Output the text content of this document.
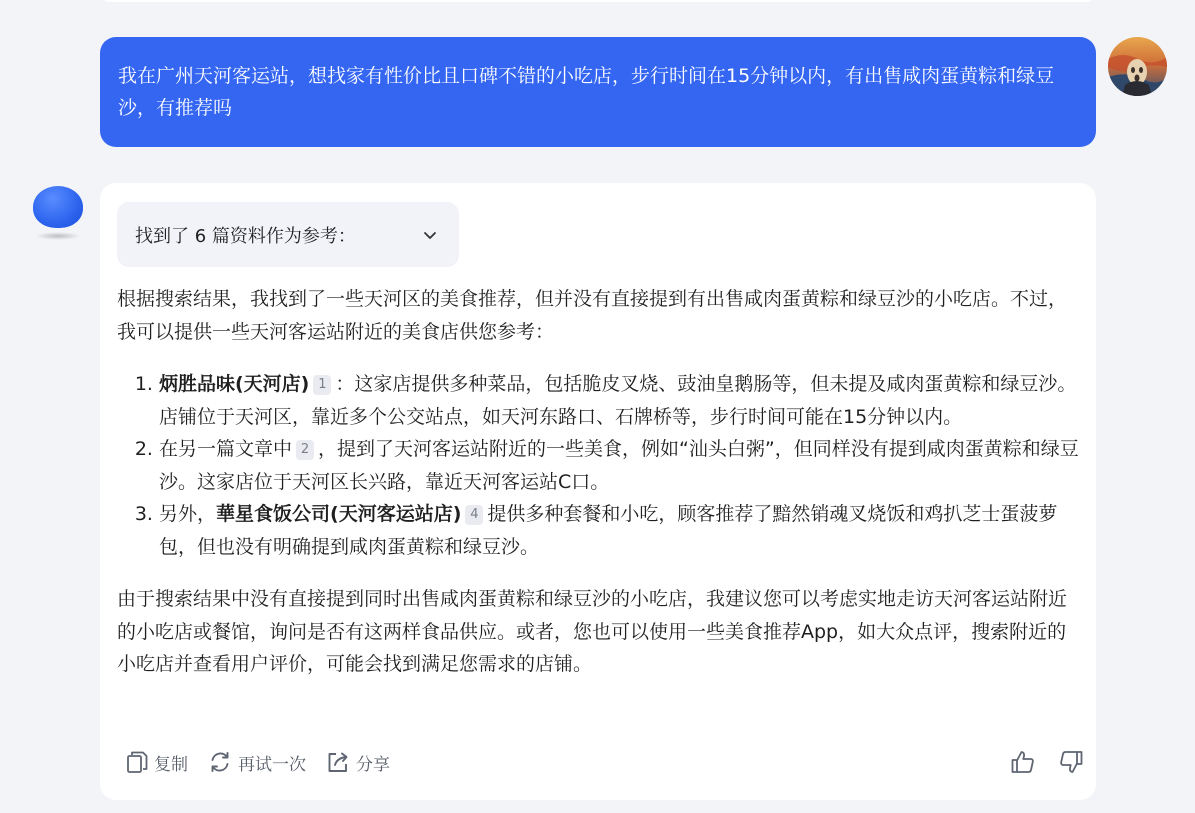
我在广州天河客运站，想找家有性价比且口碑不错的小吃店，步行时间在15分钟以内，有出售咸肉蛋黄粽和绿豆沙，有推荐吗
找到了 6 篇资料作为参考：

根据搜索结果，我找到了一些天河区的美食推荐，但并没有直接提到有出售咸肉蛋黄粽和绿豆沙的小吃店。不过，我可以提供一些天河客运站附近的美食店供您参考：

1. 炳胜品味(天河店) 1 ：这家店提供多种菜品，包括脆皮叉烧、豉油皇鹅肠等，但未提及咸肉蛋黄粽和绿豆沙。店铺位于天河区，靠近多个公交站点，如天河东路口、石牌桥等，步行时间可能在15分钟以内。
2. 在另一篇文章中 2 ，提到了天河客运站附近的一些美食，例如“汕头白粥”，但同样没有提到咸肉蛋黄粽和绿豆沙。这家店位于天河区长兴路，靠近天河客运站C口。
3. 另外，華星食饭公司(天河客运站店) 4 提供多种套餐和小吃，顾客推荐了黯然销魂叉烧饭和鸡扒芝士蛋菠萝包，但也没有明确提到咸肉蛋黄粽和绿豆沙。

由于搜索结果中没有直接提到同时出售咸肉蛋黄粽和绿豆沙的小吃店，我建议您可以考虑实地走访天河客运站附近的小吃店或餐馆，询问是否有这两样食品供应。或者，您也可以使用一些美食推荐App，如大众点评，搜索附近的小吃店并查看用户评价，可能会找到满足您需求的店铺。

复制	再试一次	分享
